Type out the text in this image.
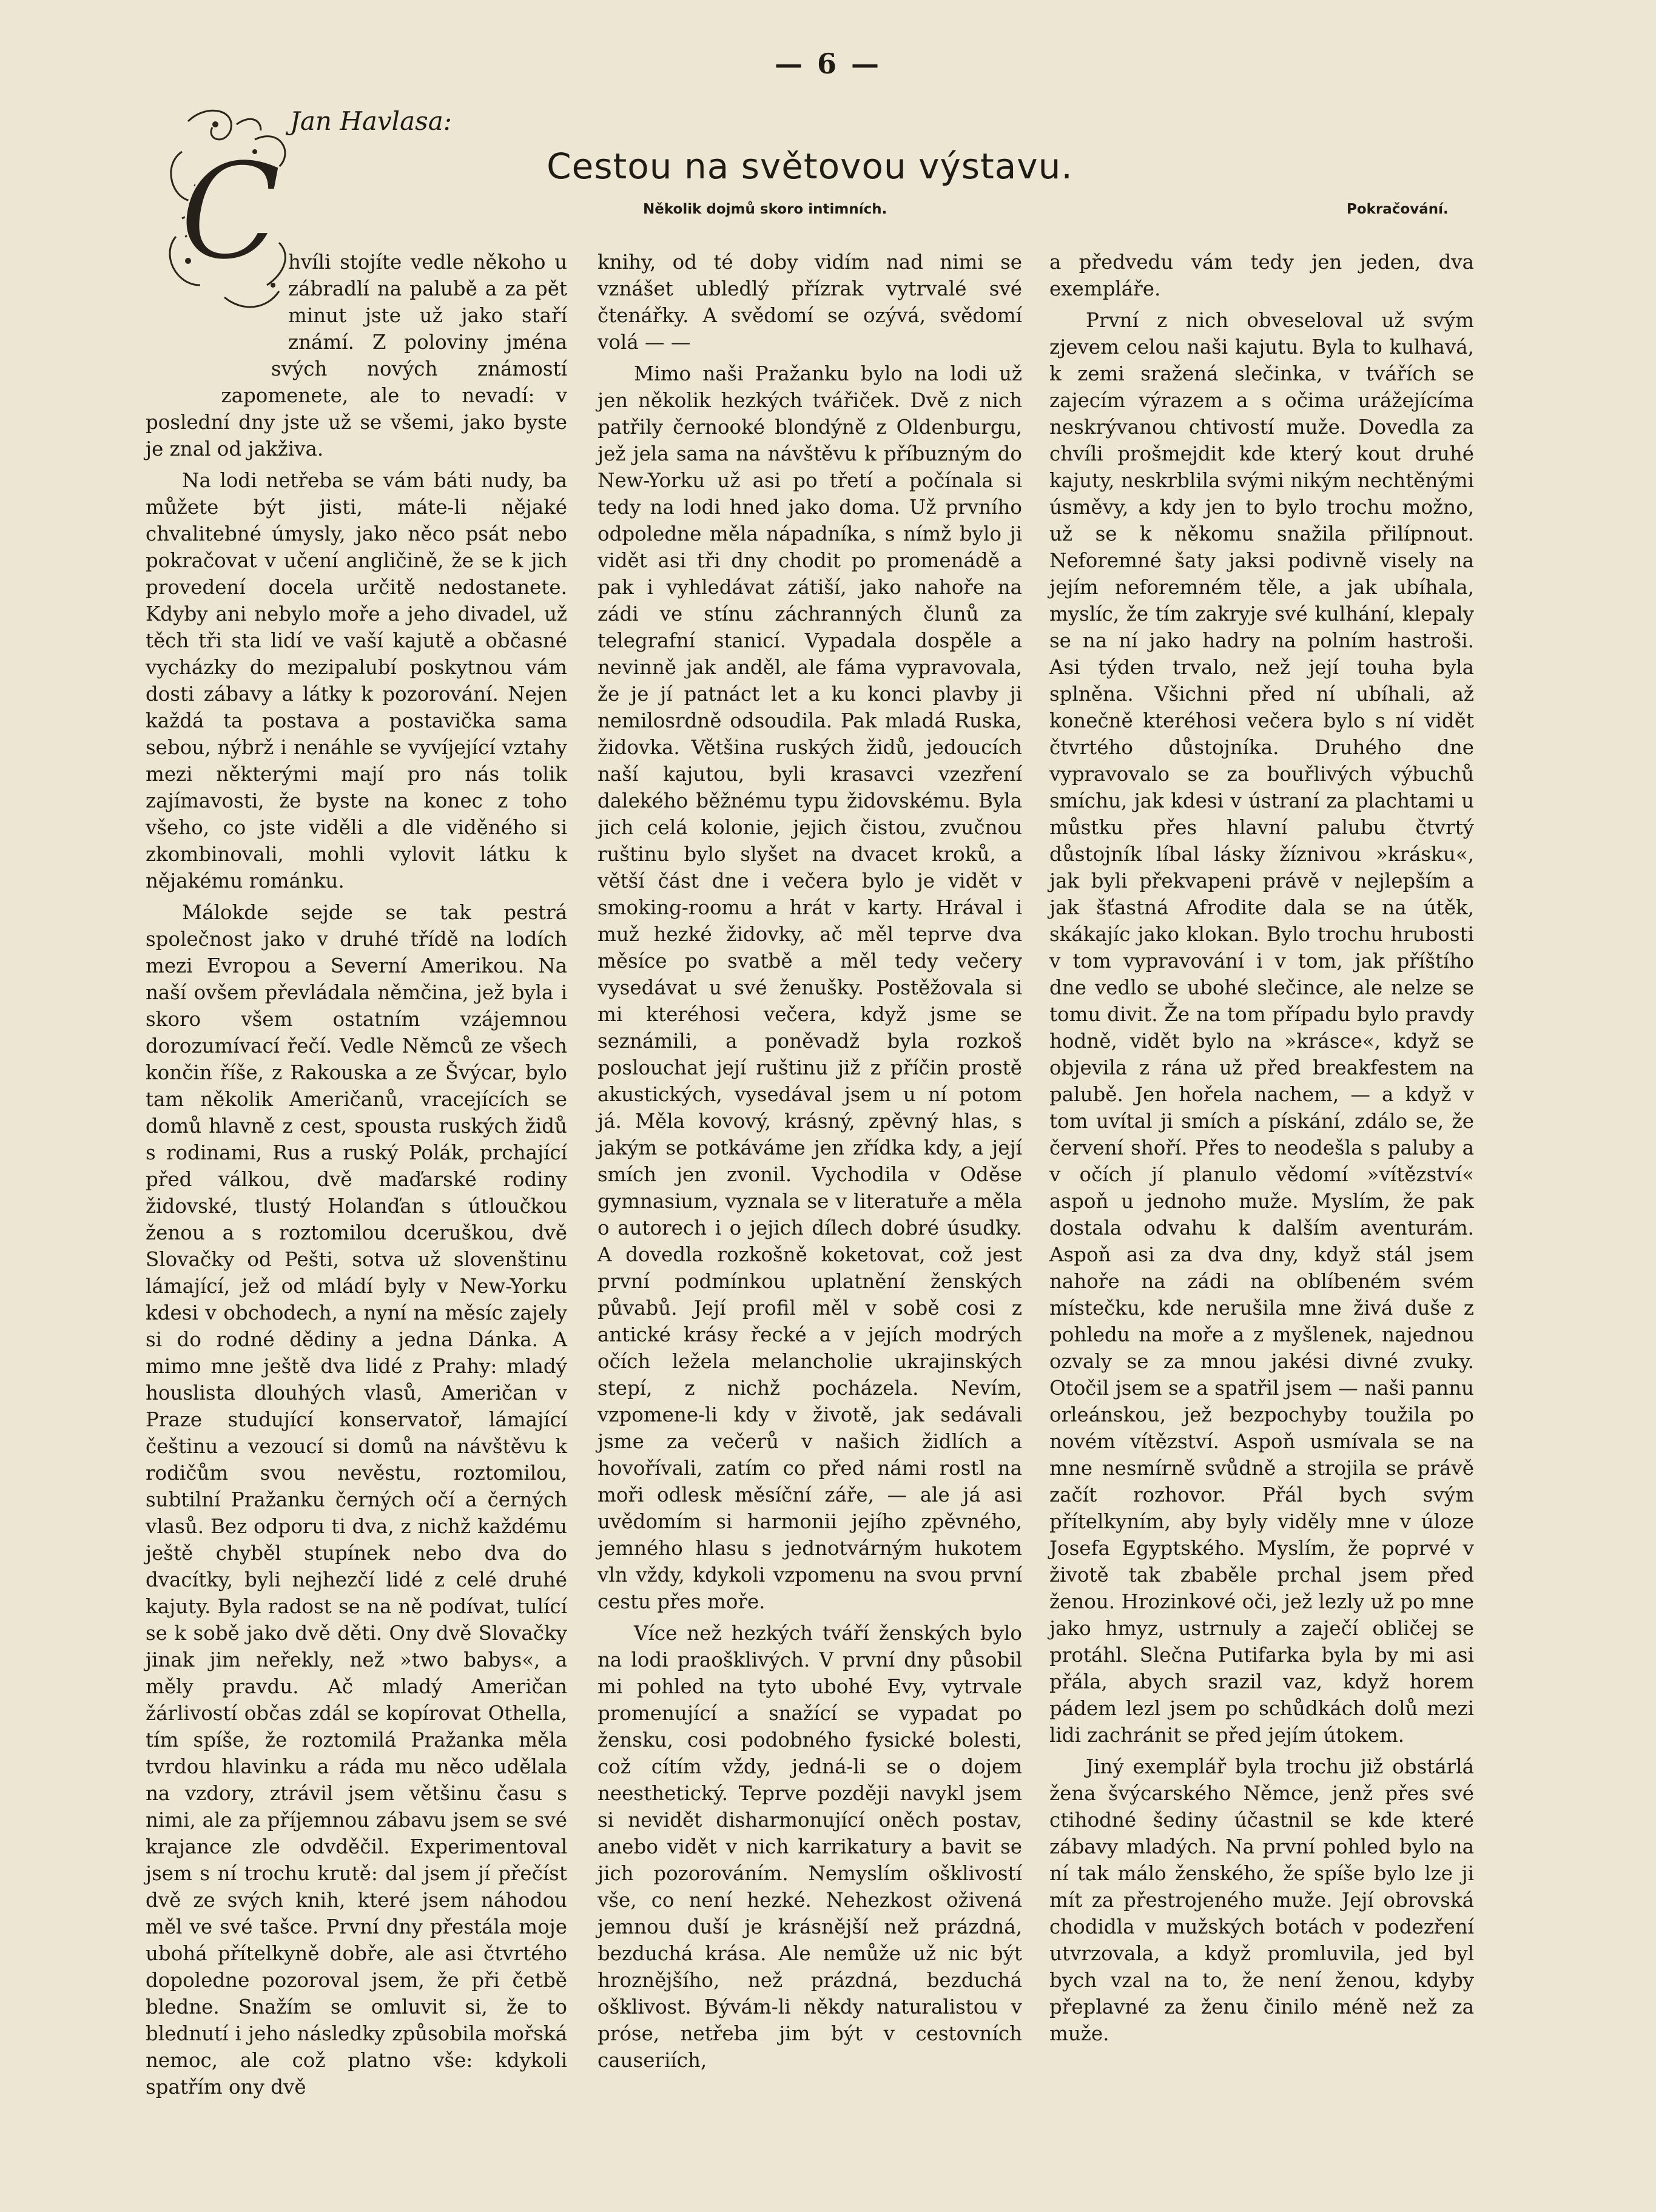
— 6 —
Jan Havlasa:
Cestou na světovou výstavu.
Několik dojmů skoro intimních.	Pokračování.
C hvíli stojíte vedle někoho u zábradlí na palubě a za pět minut jste už jako staří známí. Z poloviny jména svých nových známostí zapomenete, ale to nevadí: v poslední dny jste už se všemi, jako byste je znal od jakživa.

Na lodi netřeba se vám báti nudy, ba můžete být jisti, máte-li nějaké chvalitebné úmysly, jako něco psát nebo pokračovat v učení angličině, že se k jich provedení docela určitě nedostanete. Kdyby ani nebylo moře a jeho divadel, už těch tři sta lidí ve vaší kajutě a občasné vycházky do mezipalubí poskytnou vám dosti zábavy a látky k pozorování. Nejen každá ta postava a postavička sama sebou, nýbrž i nenáhle se vyvíjející vztahy mezi některými mají pro nás tolik zajímavosti, že byste na konec z toho všeho, co jste viděli a dle viděného si zkombinovali, mohli vylovit látku k nějakému románku.

Málokde sejde se tak pestrá společnost jako v druhé třídě na lodích mezi Evropou a Severní Amerikou. Na naší ovšem převládala němčina, jež byla i skoro všem ostatním vzájemnou dorozumívací řečí. Vedle Němců ze všech končin říše, z Rakouska a ze Švýcar, bylo tam několik Američanů, vracejících se domů hlavně z cest, spousta ruských židů s rodinami, Rus a ruský Polák, prchající před válkou, dvě maďarské rodiny židovské, tlustý Holanďan s útloučkou ženou a s roztomilou dceruškou, dvě Slovačky od Pešti, sotva už slovenštinu lámající, jež od mládí byly v New-Yorku kdesi v obchodech, a nyní na měsíc zajely si do rodné dědiny a jedna Dánka. A mimo mne ještě dva lidé z Prahy: mladý houslista dlouhých vlasů, Američan v Praze studující konservatoř, lámající češtinu a vezoucí si domů na návštěvu k rodičům svou nevěstu, roztomilou, subtilní Pražanku černých očí a černých vlasů. Bez odporu ti dva, z nichž každému ještě chyběl stupínek nebo dva do dvacítky, byli nejhezčí lidé z celé druhé kajuty. Byla radost se na ně podívat, tulící se k sobě jako dvě děti. Ony dvě Slovačky jinak jim neřekly, než »two babys«, a měly pravdu. Ač mladý Američan žárlivostí občas zdál se kopírovat Othella, tím spíše, že roztomilá Pražanka měla tvrdou hlavinku a ráda mu něco udělala na vzdory, ztrávil jsem většinu času s nimi, ale za příjemnou zábavu jsem se své krajance zle odvděčil. Experimentoval jsem s ní trochu krutě: dal jsem jí přečíst dvě ze svých knih, které jsem náhodou měl ve své tašce. První dny přestála moje ubohá přítelkyně dobře, ale asi čtvrtého dopoledne pozoroval jsem, že při četbě bledne. Snažím se omluvit si, že to blednutí i jeho následky způsobila mořská nemoc, ale což platno vše: kdykoli spatřím ony dvě

knihy, od té doby vidím nad nimi se vznášet ubledlý přízrak vytrvalé své čtenářky. A svědomí se ozývá, svědomí volá — —

Mimo naši Pražanku bylo na lodi už jen několik hezkých tvářiček. Dvě z nich patřily černooké blondýně z Oldenburgu, jež jela sama na návštěvu k příbuzným do New-Yorku už asi po třetí a počínala si tedy na lodi hned jako doma. Už prvního odpoledne měla nápadníka, s nímž bylo ji vidět asi tři dny chodit po promenádě a pak i vyhledávat zátiší, jako nahoře na zádi ve stínu záchranných člunů za telegrafní stanicí. Vypadala dospěle a nevinně jak anděl, ale fáma vypravovala, že je jí patnáct let a ku konci plavby ji nemilosrdně odsoudila. Pak mladá Ruska, židovka. Většina ruských židů, jedoucích naší kajutou, byli krasavci vzezření dalekého běžnému typu židovskému. Byla jich celá kolonie, jejich čistou, zvučnou ruštinu bylo slyšet na dvacet kroků, a větší část dne i večera bylo je vidět v smoking-roomu a hrát v karty. Hrával i muž hezké židovky, ač měl teprve dva měsíce po svatbě a měl tedy večery vysedávat u své ženušky. Postěžovala si mi kteréhosi večera, když jsme se seznámili, a poněvadž byla rozkoš poslouchat její ruštinu již z příčin prostě akustických, vysedával jsem u ní potom já. Měla kovový, krásný, zpěvný hlas, s jakým se potkáváme jen zřídka kdy, a její smích jen zvonil. Vychodila v Oděse gymnasium, vyznala se v literatuře a měla o autorech i o jejich dílech dobré úsudky. A dovedla rozkošně koketovat, což jest první podmínkou uplatnění ženských půvabů. Její profil měl v sobě cosi z antické krásy řecké a v jejích modrých očích ležela melancholie ukrajinských stepí, z nichž pocházela. Nevím, vzpomene-li kdy v životě, jak sedávali jsme za večerů v našich židlích a hovořívali, zatím co před námi rostl na moři odlesk měsíční záře, — ale já asi uvědomím si harmonii jejího zpěvného, jemného hlasu s jednotvárným hukotem vln vždy, kdykoli vzpomenu na svou první cestu přes moře.

Více než hezkých tváří ženských bylo na lodi praošklivých. V první dny působil mi pohled na tyto ubohé Evy, vytrvale promenující a snažící se vypadat po žensku, cosi podobného fysické bolesti, což cítím vždy, jedná-li se o dojem neesthetický. Teprve později navykl jsem si nevidět disharmonující oněch postav, anebo vidět v nich karrikatury a bavit se jich pozorováním. Nemyslím ošklivostí vše, co není hezké. Nehezkost oživená jemnou duší je krásnější než prázdná, bezduchá krása. Ale nemůže už nic být hroznějšího, než prázdná, bezduchá ošklivost. Bývám-li někdy naturalistou v próse, netřeba jim být v cestovních causeriích,

a předvedu vám tedy jen jeden, dva exempláře.

První z nich obveseloval už svým zjevem celou naši kajutu. Byla to kulhavá, k zemi sražená slečinka, v tvářích se zajecím výrazem a s očima urážejícíma neskrývanou chtivostí muže. Dovedla za chvíli prošmejdit kde který kout druhé kajuty, neskrblila svými nikým nechtěnými úsměvy, a kdy jen to bylo trochu možno, už se k někomu snažila přilípnout. Neforemné šaty jaksi podivně visely na jejím neforemném těle, a jak ubíhala, myslíc, že tím zakryje své kulhání, klepaly se na ní jako hadry na polním hastroši. Asi týden trvalo, než její touha byla splněna. Všichni před ní ubíhali, až konečně kteréhosi večera bylo s ní vidět čtvrtého důstojníka. Druhého dne vypravovalo se za bouřlivých výbuchů smíchu, jak kdesi v ústraní za plachtami u můstku přes hlavní palubu čtvrtý důstojník líbal lásky žíznivou »krásku«, jak byli překvapeni právě v nejlepším a jak šťastná Afrodite dala se na útěk, skákajíc jako klokan. Bylo trochu hrubosti v tom vypravování i v tom, jak příštího dne vedlo se ubohé slečince, ale nelze se tomu divit. Že na tom případu bylo pravdy hodně, vidět bylo na »krásce«, když se objevila z rána už před breakfestem na palubě. Jen hořela nachem, — a když v tom uvítal ji smích a pískání, zdálo se, že červení shoří. Přes to neodešla s paluby a v očích jí planulo vědomí »vítězství« aspoň u jednoho muže. Myslím, že pak dostala odvahu k dalším aventurám. Aspoň asi za dva dny, když stál jsem nahoře na zádi na oblíbeném svém místečku, kde nerušila mne živá duše z pohledu na moře a z myšlenek, najednou ozvaly se za mnou jakési divné zvuky. Otočil jsem se a spatřil jsem — naši pannu orleánskou, jež bezpochyby toužila po novém vítězství. Aspoň usmívala se na mne nesmírně svůdně a strojila se právě začít rozhovor. Přál bych svým přítelkyním, aby byly viděly mne v úloze Josefa Egyptského. Myslím, že poprvé v životě tak zbaběle prchal jsem před ženou. Hrozinkové oči, jež lezly už po mne jako hmyz, ustrnuly a zaječí obličej se protáhl. Slečna Putifarka byla by mi asi přála, abych srazil vaz, když horem pádem lezl jsem po schůdkách dolů mezi lidi zachránit se před jejím útokem.

Jiný exemplář byla trochu již obstárlá žena švýcarského Němce, jenž přes své ctihodné šediny účastnil se kde které zábavy mladých. Na první pohled bylo na ní tak málo ženského, že spíše bylo lze ji mít za přestrojeného muže. Její obrovská chodidla v mužských botách v podezření utvrzovala, a když promluvila, jed byl bych vzal na to, že není ženou, kdyby přeplavné za ženu činilo méně než za muže.
